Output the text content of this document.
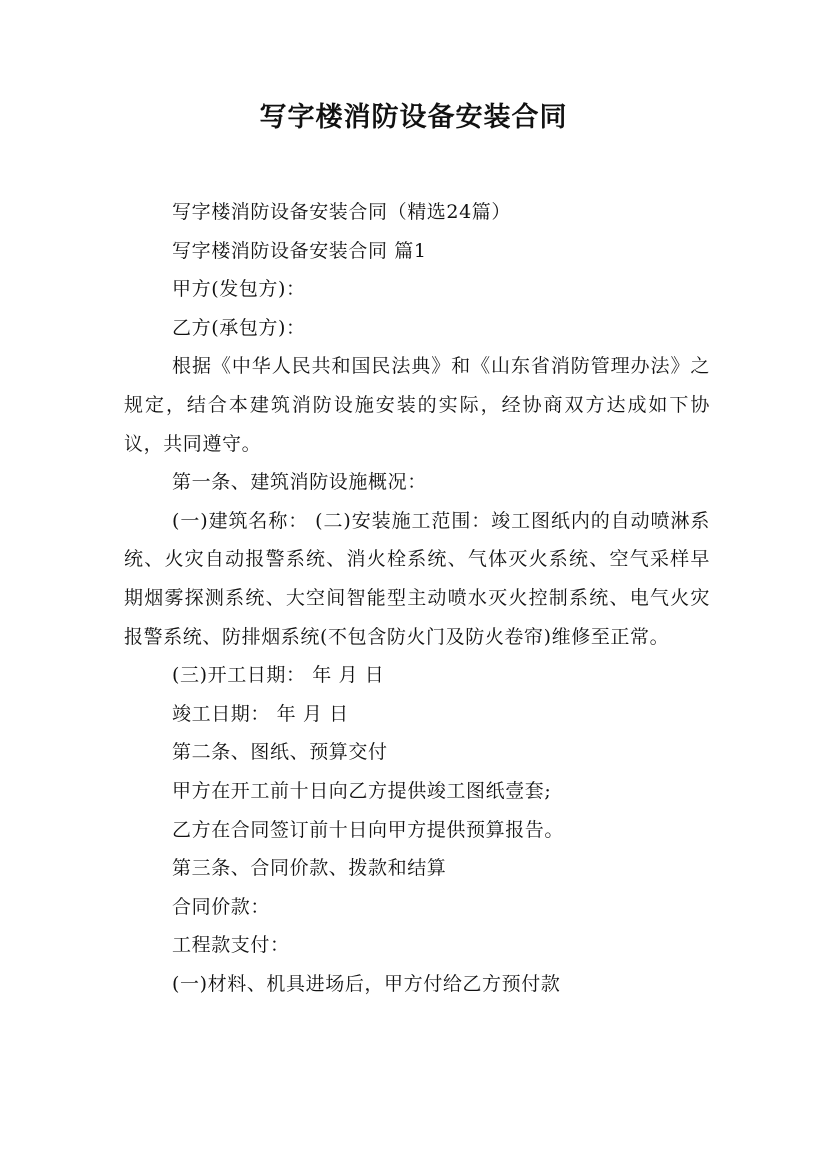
写字楼消防设备安装合同

写字楼消防设备安装合同（精选24篇）

写字楼消防设备安装合同 篇1

甲方(发包方)：

乙方(承包方)：

根据《中华人民共和国民法典》和《山东省消防管理办法》之规定，结合本建筑消防设施安装的实际，经协商双方达成如下协议，共同遵守。

第一条、建筑消防设施概况：

(一)建筑名称： (二)安装施工范围：竣工图纸内的自动喷淋系统、火灾自动报警系统、消火栓系统、气体灭火系统、空气采样早期烟雾探测系统、大空间智能型主动喷水灭火控制系统、电气火灾报警系统、防排烟系统(不包含防火门及防火卷帘)维修至正常。

(三)开工日期： 年 月 日

竣工日期： 年 月 日

第二条、图纸、预算交付

甲方在开工前十日向乙方提供竣工图纸壹套;

乙方在合同签订前十日向甲方提供预算报告。

第三条、合同价款、拨款和结算

合同价款：

工程款支付：

(一)材料、机具进场后，甲方付给乙方预付款
